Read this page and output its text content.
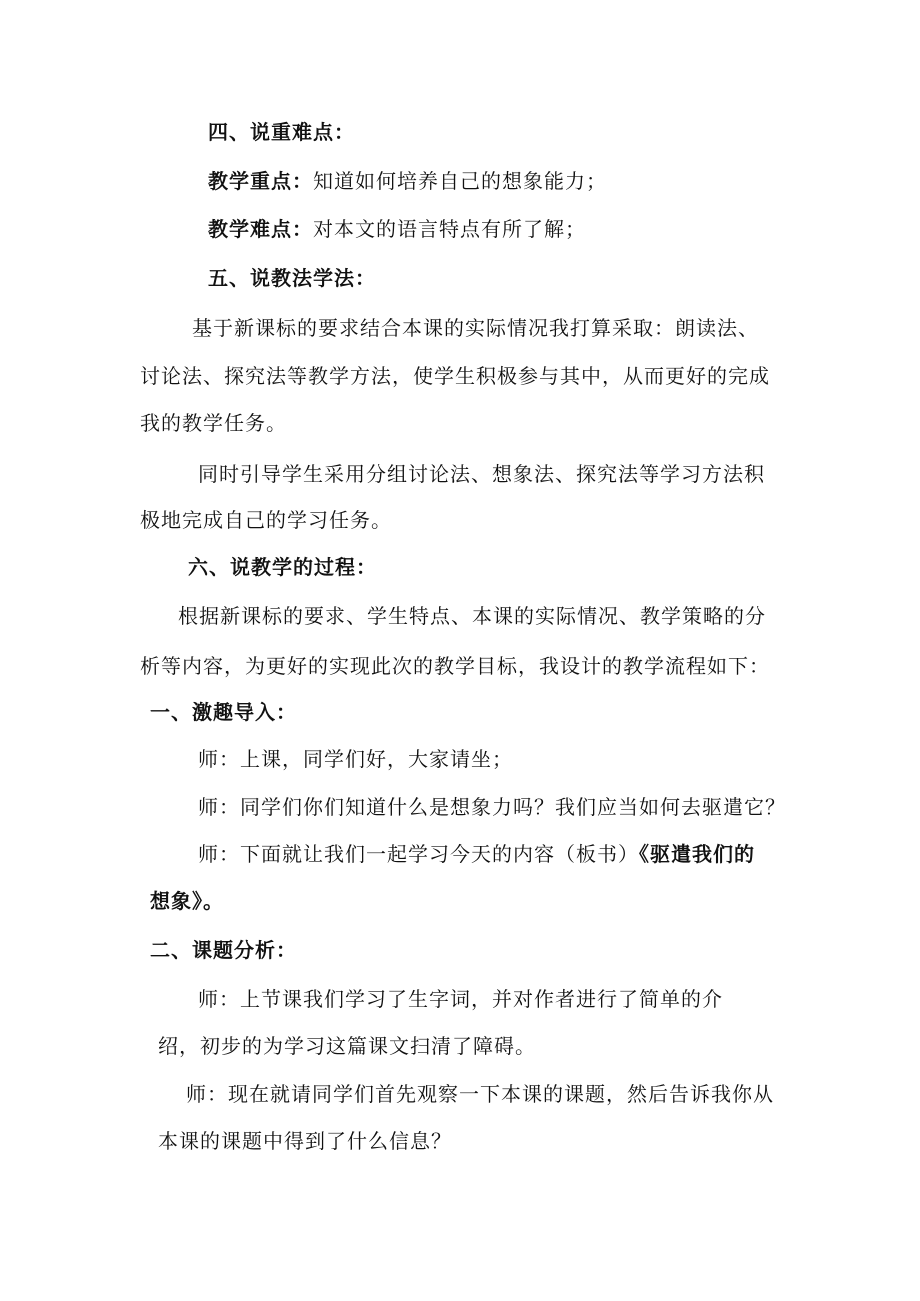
四、说重难点：
教学重点：知道如何培养自己的想象能力；
教学难点：对本文的语言特点有所了解；
五、说教法学法：
基于新课标的要求结合本课的实际情况我打算采取：朗读法、
讨论法、探究法等教学方法，使学生积极参与其中，从而更好的完成
我的教学任务。
同时引导学生采用分组讨论法、想象法、探究法等学习方法积
极地完成自己的学习任务。
六、说教学的过程：
根据新课标的要求、学生特点、本课的实际情况、教学策略的分
析等内容，为更好的实现此次的教学目标，我设计的教学流程如下：
一、激趣导入：
师：上课，同学们好，大家请坐；
师：同学们你们知道什么是想象力吗？我们应当如何去驱遣它？
师：下面就让我们一起学习今天的内容（板书）《驱遣我们的
想象》。
二、课题分析：
师：上节课我们学习了生字词，并对作者进行了简单的介
绍，初步的为学习这篇课文扫清了障碍。
师：现在就请同学们首先观察一下本课的课题，然后告诉我你从
本课的课题中得到了什么信息？
